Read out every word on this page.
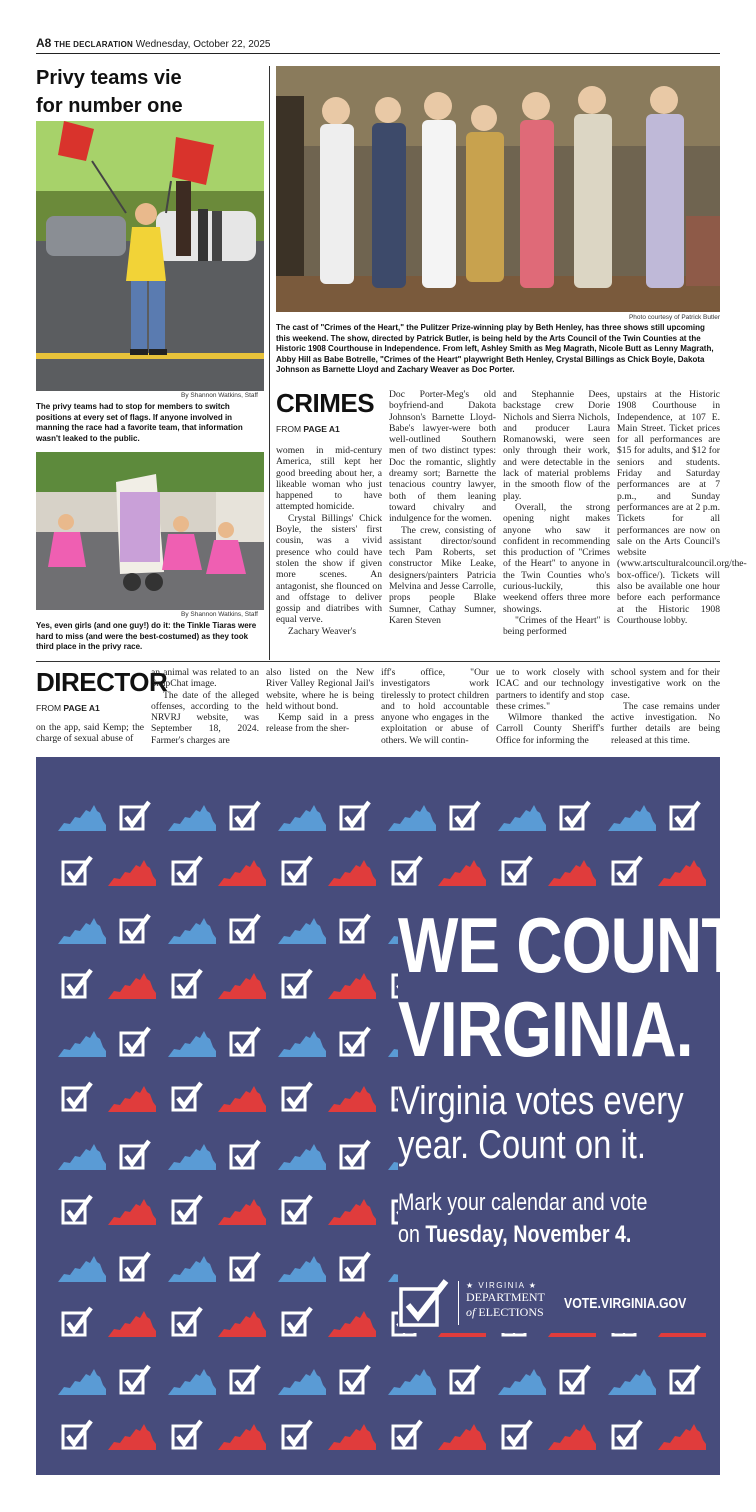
A8 THE DECLARATION Wednesday, October 22, 2025
Privy teams vie
for number one
By Shannon Watkins, Staff
The privy teams had to stop for members to switch positions at every set of flags. If anyone involved in manning the race had a favorite team, that information wasn't leaked to the public.
By Shannon Watkins, Staff
Yes, even girls (and one guy!) do it: the Tinkle Tiaras were hard to miss (and were the best-costumed) as they took third place in the privy race.
Photo courtesy of Patrick Butler
The cast of "Crimes of the Heart," the Pulitzer Prize-winning play by Beth Henley, has three shows still upcoming this weekend. The show, directed by Patrick Butler, is being held by the Arts Council of the Twin Counties at the Historic 1908 Courthouse in Independence. From left, Ashley Smith as Meg Magrath, Nicole Butt as Lenny Magrath, Abby Hill as Babe Botrelle, "Crimes of the Heart" playwright Beth Henley, Crystal Billings as Chick Boyle, Dakota Johnson as Barnette Lloyd and Zachary Weaver as Doc Porter.
CRIMES
FROM PAGE A1

women in mid-century America, still kept her good breeding about her, a likeable woman who just happened to have attempted homicide.

Crystal Billings' Chick Boyle, the sisters' first cousin, was a vivid presence who could have stolen the show if given more scenes. An antagonist, she flounced on and offstage to deliver gossip and diatribes with equal verve.

Zachary Weaver's

Doc Porter-Meg's old boyfriend-and Dakota Johnson's Barnette Lloyd-Babe's lawyer-were both well-outlined Southern men of two distinct types: Doc the romantic, slightly dreamy sort; Barnette the tenacious country lawyer, both of them leaning toward chivalry and indulgence for the women.

The crew, consisting of assistant director/sound tech Pam Roberts, set constructor Mike Leake, designers/painters Patricia Melvina and Jesse Carrolle, props people Blake Sumner, Cathay Sumner, Karen Steven

and Stephannie Dees, backstage crew Dorie Nichols and Sierra Nichols, and producer Laura Romanowski, were seen only through their work, and were detectable in the lack of material problems in the smooth flow of the play.

Overall, the strong opening night makes anyone who saw it confident in recommending this production of "Crimes of the Heart" to anyone in the Twin Counties who's curious-luckily, this weekend offers three more showings.

"Crimes of the Heart" is being performed

upstairs at the Historic 1908 Courthouse in Independence, at 107 E. Main Street. Ticket prices for all performances are $15 for adults, and $12 for seniors and students. Friday and Saturday performances are at 7 p.m., and Sunday performances are at 2 p.m. Tickets for all performances are now on sale on the Arts Council's website (www.artsculturalcouncil.org/the-box-office/). Tickets will also be available one hour before each performance at the Historic 1908 Courthouse lobby.

DIRECTOR
FROM PAGE A1

on the app, said Kemp; the charge of sexual abuse of

an animal was related to an SnapChat image.

The date of the alleged offenses, according to the NRVRJ website, was September 18, 2024. Farmer's charges are

also listed on the New River Valley Regional Jail's website, where he is being held without bond.

Kemp said in a press release from the sher-

iff's office, "Our investigators work tirelessly to protect children and to hold accountable anyone who engages in the exploitation or abuse of others. We will contin-

ue to work closely with ICAC and our technology partners to identify and stop these crimes."

Wilmore thanked the Carroll County Sheriff's Office for informing the

school system and for their investigative work on the case.

The case remains under active investigation. No further details are being released at this time.

WE COUNT
VIRGINIA.
Virginia votes every
year. Count on it.
Mark your calendar and vote
on Tuesday, November 4.
★ VIRGINIA ★
DEPARTMENT
of ELECTIONS VOTE.VIRGINIA.GOV
